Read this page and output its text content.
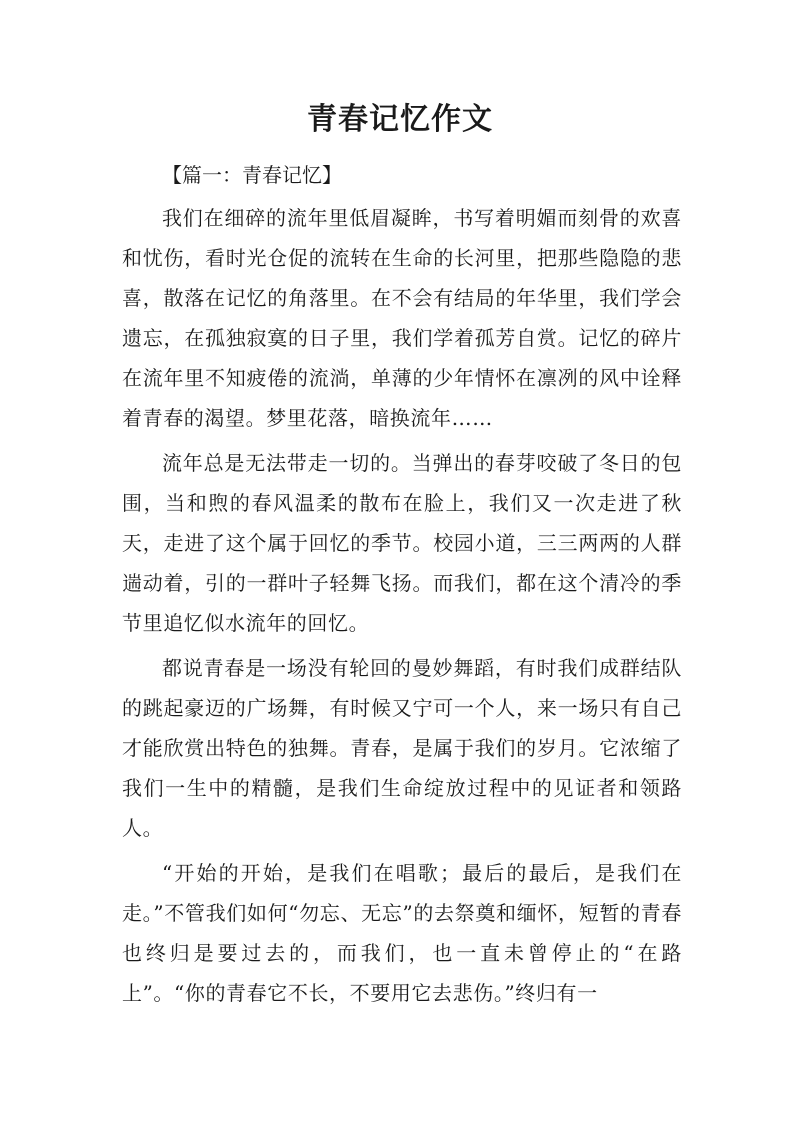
青春记忆作文
【篇一：青春记忆】

我们在细碎的流年里低眉凝眸，书写着明媚而刻骨的欢喜和忧伤，看时光仓促的流转在生命的长河里，把那些隐隐的悲喜，散落在记忆的角落里。在不会有结局的年华里，我们学会遗忘，在孤独寂寞的日子里，我们学着孤芳自赏。记忆的碎片在流年里不知疲倦的流淌，单薄的少年情怀在凛冽的风中诠释着青春的渴望。梦里花落，暗换流年……

流年总是无法带走一切的。当弹出的春芽咬破了冬日的包围，当和煦的春风温柔的散布在脸上，我们又一次走进了秋天，走进了这个属于回忆的季节。校园小道，三三两两的人群遄动着，引的一群叶子轻舞飞扬。而我们，都在这个清冷的季节里追忆似水流年的回忆。

都说青春是一场没有轮回的曼妙舞蹈，有时我们成群结队的跳起豪迈的广场舞，有时候又宁可一个人，来一场只有自己才能欣赏出特色的独舞。青春，是属于我们的岁月。它浓缩了我们一生中的精髓，是我们生命绽放过程中的见证者和领路人。

“开始的开始，是我们在唱歌；最后的最后，是我们在走。”不管我们如何“勿忘、无忘”的去祭奠和缅怀，短暂的青春也终归是要过去的，而我们，也一直未曾停止的“在路上”。“你的青春它不长，不要用它去悲伤。”终归有一
